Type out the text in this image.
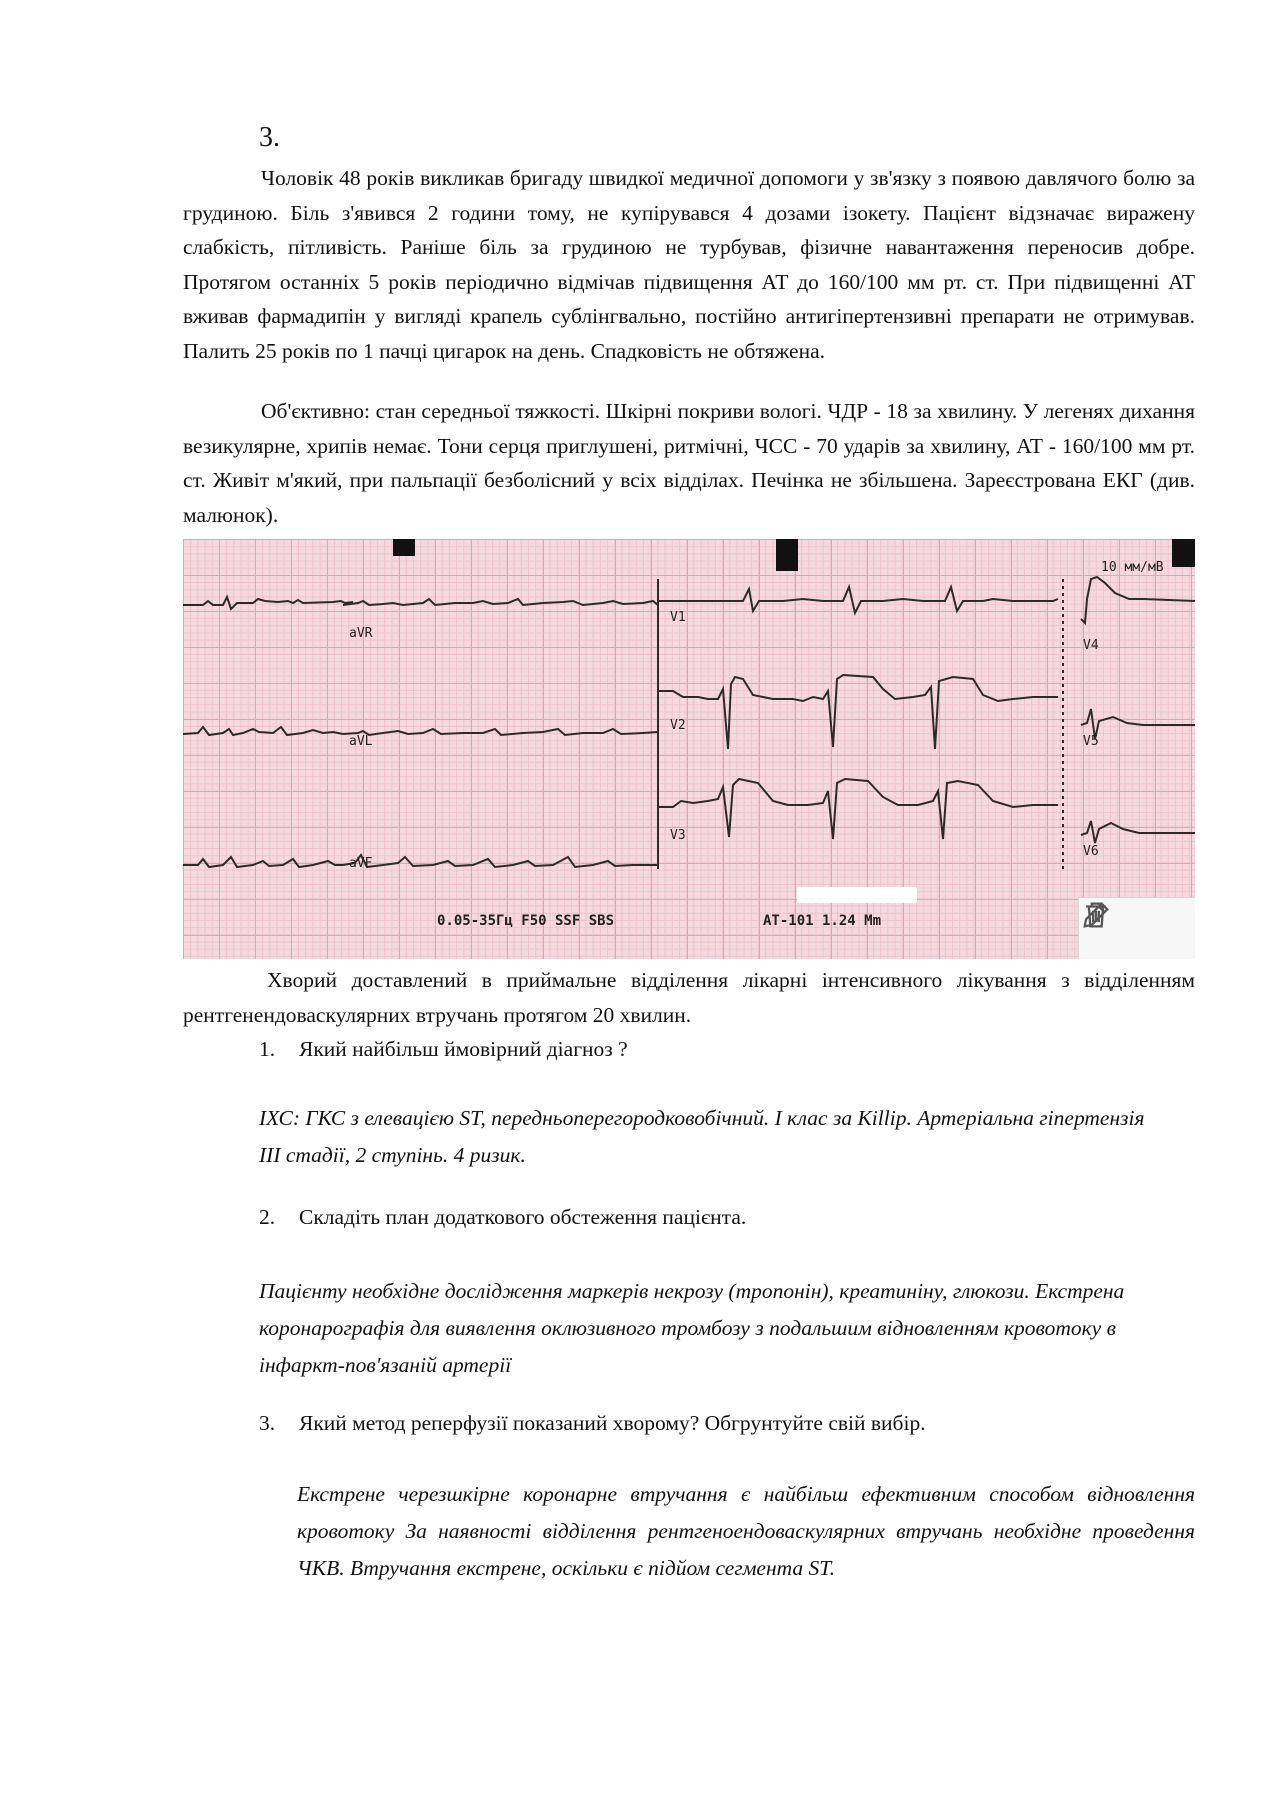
3.
Чоловік 48 років викликав бригаду швидкої медичної допомоги у зв'язку з появою давлячого болю за грудиною. Біль з'явився 2 години тому, не купірувався 4 дозами ізокету. Пацієнт відзначає виражену слабкість, пітливість. Раніше біль за грудиною не турбував, фізичне навантаження переносив добре. Протягом останніх 5 років періодично відмічав підвищення АТ до 160/100 мм рт. ст. При підвищенні АТ вживав фармадипін у вигляді крапель сублінгвально, постійно антигіпертензивні препарати не отримував. Палить 25 років по 1 пачці цигарок на день. Спадковість не обтяжена.
Об'єктивно: стан середньої тяжкості. Шкірні покриви вологі. ЧДР - 18 за хвилину. У легенях дихання везикулярне, хрипів немає. Тони серця приглушені, ритмічні, ЧСС - 70 ударів за хвилину, АТ - 160/100 мм рт. ст. Живіт м'який, при пальпації безболісний у всіх відділах. Печінка не збільшена. Зареєстрована ЕКГ (див. малюнок).
aVR
aVL
aVF
V1
V2
V3
V4
V5
V6
10 мм/мВ
0.05-35Гц F50 SSF SBS	AT-101 1.24 Mm
Хворий доставлений в приймальне відділення лікарні інтенсивного лікування з відділенням рентгенендоваскулярних втручань протягом 20 хвилин.
1. Який найбільш ймовірний діагноз ?
ІХС: ГКС з елевацією ST, передньоперегородковобічний. І клас за Killip. Артеріальна гіпертензія ІІІ стадії, 2 ступінь. 4 ризик.
2. Складіть план додаткового обстеження пацієнта.
Пацієнту необхідне дослідження маркерів некрозу (тропонін), креатиніну, глюкози. Екстрена коронарографія для виявлення оклюзивного тромбозу з подальшим відновленням кровотоку в інфаркт-пов'язаній артерії
3. Який метод реперфузії показаний хворому? Обгрунтуйте свій вибір.
Екстрене черезшкірне коронарне втручання є найбільш ефективним способом відновлення кровотоку За наявності відділення рентгеноендоваскулярних втручань необхідне проведення ЧКВ. Втручання екстрене, оскільки є підйом сегмента ST.
